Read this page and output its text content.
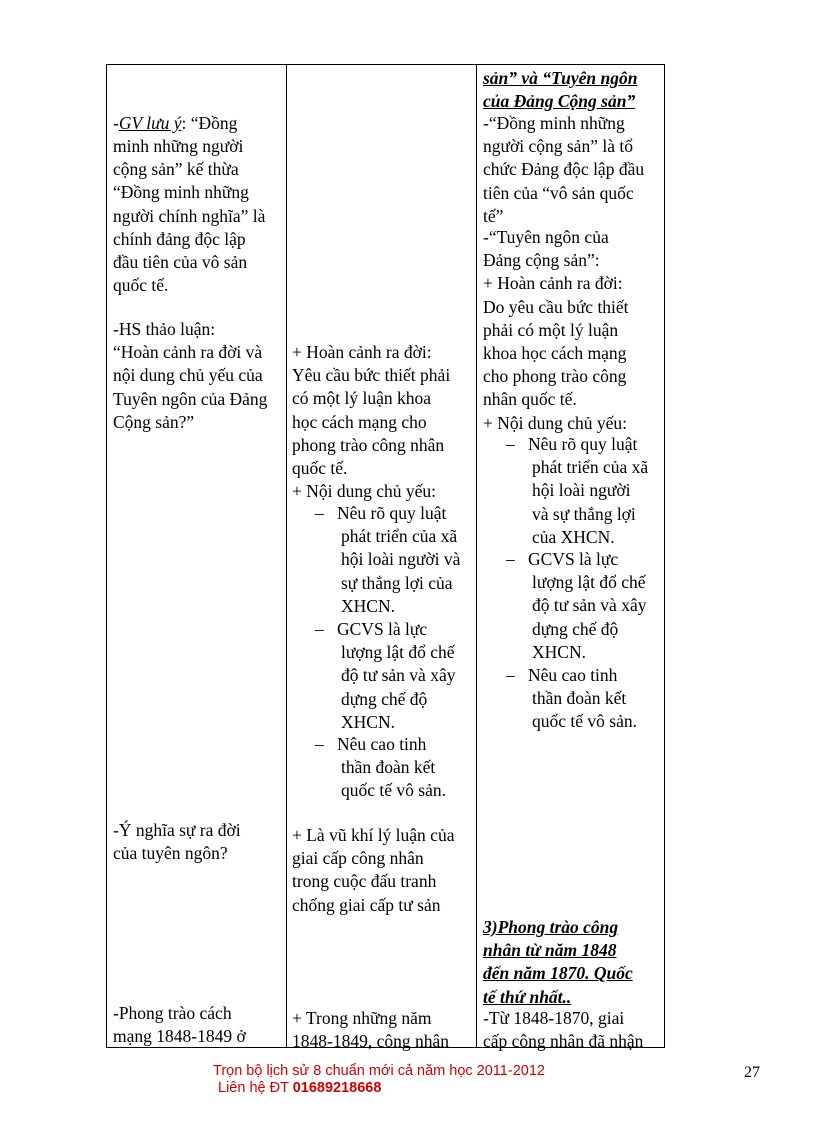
-GV lưu ý: “Đồng
minh những người
cộng sản” kế thừa
“Đồng minh những
người chính nghĩa” là
chính đảng độc lập
đầu tiên của vô sản
quốc tế.
-HS thảo luận:
“Hoàn cảnh ra đời và
nội dung chủ yếu của
Tuyên ngôn của Đảng
Cộng sản?”
-Ý nghĩa sự ra đời
của tuyên ngôn?
-Phong trào cách
mạng 1848-1849 ở
+ Hoàn cảnh ra đời:
Yêu cầu bức thiết phải
có một lý luận khoa
học cách mạng cho
phong trào công nhân
quốc tế.
+ Nội dung chủ yếu:
– Nêu rõ quy luật
phát triển của xã
hội loài người và
sự thắng lợi của
XHCN.
– GCVS là lực
lượng lật đổ chế
độ tư sản và xây
dựng chế độ
XHCN.
– Nêu cao tinh
thần đoàn kết
quốc tế vô sản.
+ Là vũ khí lý luận của
giai cấp công nhân
trong cuộc đấu tranh
chống giai cấp tư sản
+ Trong những năm
1848-1849, công nhân
sản” và “Tuyên ngôn
của Đảng Cộng sản”
-“Đồng minh những
người cộng sản” là tổ
chức Đảng độc lập đầu
tiên của “vô sản quốc
tế”
-“Tuyên ngôn của
Đảng cộng sản”:
+ Hoàn cảnh ra đời:
Do yêu cầu bức thiết
phải có một lý luận
khoa học cách mạng
cho phong trào công
nhân quốc tế.
+ Nội dung chủ yếu:
– Nêu rõ quy luật
phát triển của xã
hội loài người
và sự thắng lợi
của XHCN.
– GCVS là lực
lượng lật đổ chế
độ tư sản và xây
dựng chế độ
XHCN.
– Nêu cao tinh
thần đoàn kết
quốc tế vô sản.
3)Phong trào công
nhân từ năm 1848
đến năm 1870. Quốc
tế thứ nhất..
-Từ 1848-1870, giai
cấp công nhân đã nhận
Trọn bộ lịch sử 8 chuẩn mới cả năm học 2011-2012
Liên hệ ĐT 01689218668
27
